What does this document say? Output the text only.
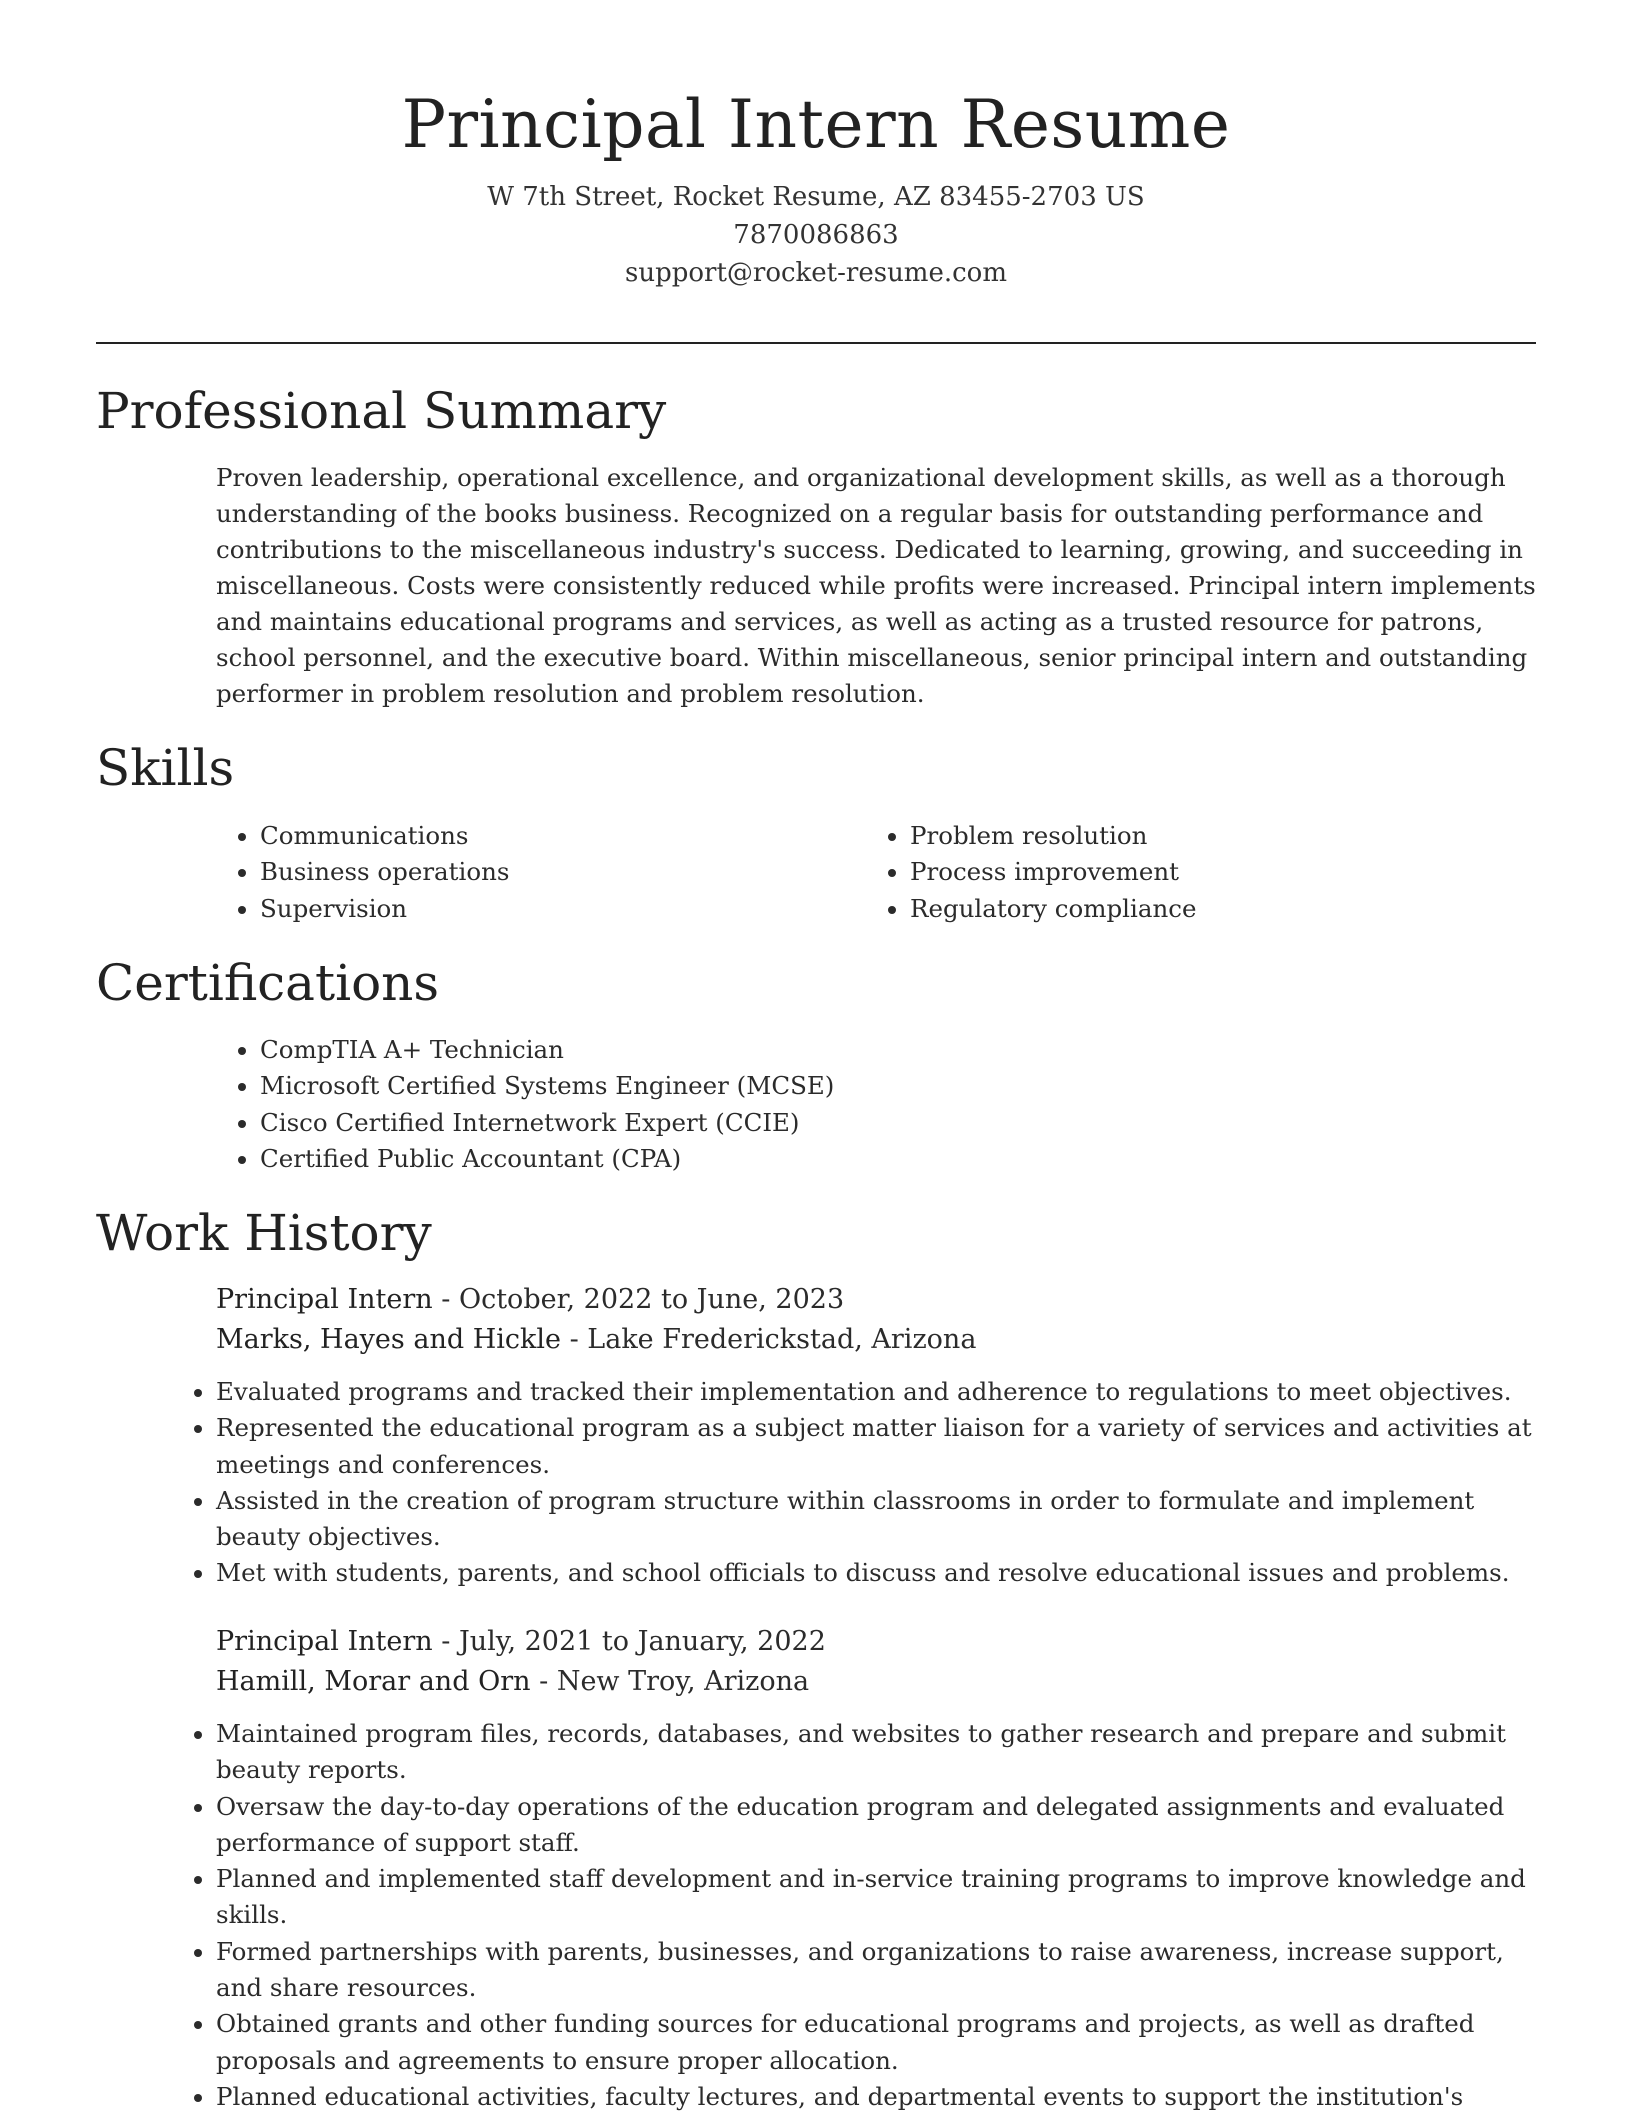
Principal Intern Resume
W 7th Street, Rocket Resume, AZ 83455-2703 US
7870086863
support@rocket-resume.com
Professional Summary

Proven leadership, operational excellence, and organizational development skills, as well as a thorough understanding of the books business. Recognized on a regular basis for outstanding performance and contributions to the miscellaneous industry's success. Dedicated to learning, growing, and succeeding in miscellaneous. Costs were consistently reduced while profits were increased. Principal intern implements and maintains educational programs and services, as well as acting as a trusted resource for patrons, school personnel, and the executive board. Within miscellaneous, senior principal intern and outstanding performer in problem resolution and problem resolution.

Skills
• Communications
• Business operations
• Supervision
• Problem resolution
• Process improvement
• Regulatory compliance
Certifications
• CompTIA A+ Technician
• Microsoft Certified Systems Engineer (MCSE)
• Cisco Certified Internetwork Expert (CCIE)
• Certified Public Accountant (CPA)
Work History
Principal Intern - October, 2022 to June, 2023
Marks, Hayes and Hickle - Lake Frederickstad, Arizona
• Evaluated programs and tracked their implementation and adherence to regulations to meet objectives.
• Represented the educational program as a subject matter liaison for a variety of services and activities at meetings and conferences.
• Assisted in the creation of program structure within classrooms in order to formulate and implement beauty objectives.
• Met with students, parents, and school officials to discuss and resolve educational issues and problems.
Principal Intern - July, 2021 to January, 2022
Hamill, Morar and Orn - New Troy, Arizona
• Maintained program files, records, databases, and websites to gather research and prepare and submit beauty reports.
• Oversaw the day-to-day operations of the education program and delegated assignments and evaluated performance of support staff.
• Planned and implemented staff development and in-service training programs to improve knowledge and skills.
• Formed partnerships with parents, businesses, and organizations to raise awareness, increase support, and share resources.
• Obtained grants and other funding sources for educational programs and projects, as well as drafted proposals and agreements to ensure proper allocation.
• Planned educational activities, faculty lectures, and departmental events to support the institution's
